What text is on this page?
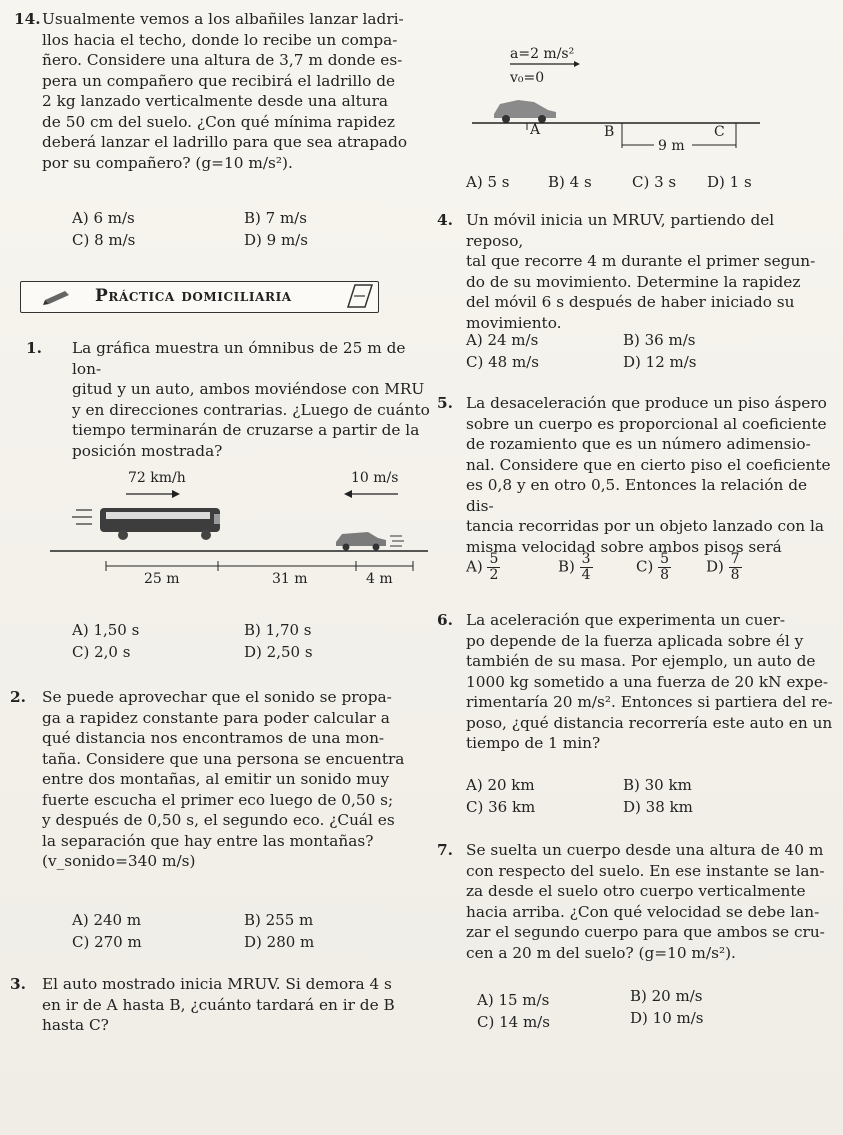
14. Usualmente vemos a los albañiles lanzar ladri-
llos hacia el techo, donde lo recibe un compa-
ñero. Considere una altura de 3,7 m donde es-
pera un compañero que recibirá el ladrillo de
2 kg lanzado verticalmente desde una altura
de 50 cm del suelo. ¿Con qué mínima rapidez
deberá lanzar el ladrillo para que sea atrapado
por su compañero? (g=10 m/s²).
A) 6 m/s	B) 7 m/s
C) 8 m/s	D) 9 m/s
Práctica domiciliaria
1. La gráfica muestra un ómnibus de 25 m de lon-
gitud y un auto, ambos moviéndose con MRU
y en direcciones contrarias. ¿Luego de cuánto
tiempo terminarán de cruzarse a partir de la
posición mostrada?
72 km/h	10 m/s
25 m	31 m	4 m
A) 1,50 s	B) 1,70 s
C) 2,0 s	D) 2,50 s
2. Se puede aprovechar que el sonido se propa-
ga a rapidez constante para poder calcular a
qué distancia nos encontramos de una mon-
taña. Considere que una persona se encuentra
entre dos montañas, al emitir un sonido muy
fuerte escucha el primer eco luego de 0,50 s;
y después de 0,50 s, el segundo eco. ¿Cuál es
la separación que hay entre las montañas?
(v_sonido=340 m/s)
A) 240 m	B) 255 m
C) 270 m	D) 280 m
3. El auto mostrado inicia MRUV. Si demora 4 s
en ir de A hasta B, ¿cuánto tardará en ir de B
hasta C?
a=2 m/s²
v₀=0
A	B	C
9 m
A) 5 s	B) 4 s	C) 3 s D) 1 s
4. Un móvil inicia un MRUV, partiendo del reposo,
tal que recorre 4 m durante el primer segun-
do de su movimiento. Determine la rapidez
del móvil 6 s después de haber iniciado su
movimiento.
A) 24 m/s	B) 36 m/s
C) 48 m/s	D) 12 m/s
5. La desaceleración que produce un piso áspero
sobre un cuerpo es proporcional al coeficiente
de rozamiento que es un número adimensio-
nal. Considere que en cierto piso el coeficiente
es 0,8 y en otro 0,5. Entonces la relación de dis-
tancia recorridas por un objeto lanzado con la
misma velocidad sobre ambos pisos será
$A) \frac{5}{2}$	$B) \frac{3}{4}$	$C) \frac{5}{8} D) \frac{7}{8}$
6. La aceleración que experimenta un cuer-
po depende de la fuerza aplicada sobre él y
también de su masa. Por ejemplo, un auto de
1000 kg sometido a una fuerza de 20 kN expe-
rimentaría 20 m/s². Entonces si partiera del re-
poso, ¿qué distancia recorrería este auto en un
tiempo de 1 min?
A) 20 km	B) 30 km
C) 36 km	D) 38 km
7. Se suelta un cuerpo desde una altura de 40 m
con respecto del suelo. En ese instante se lan-
za desde el suelo otro cuerpo verticalmente
hacia arriba. ¿Con qué velocidad se debe lan-
zar el segundo cuerpo para que ambos se cru-
cen a 20 m del suelo? (g=10 m/s²).
A) 15 m/s	B) 20 m/s
C) 14 m/s	D) 10 m/s
